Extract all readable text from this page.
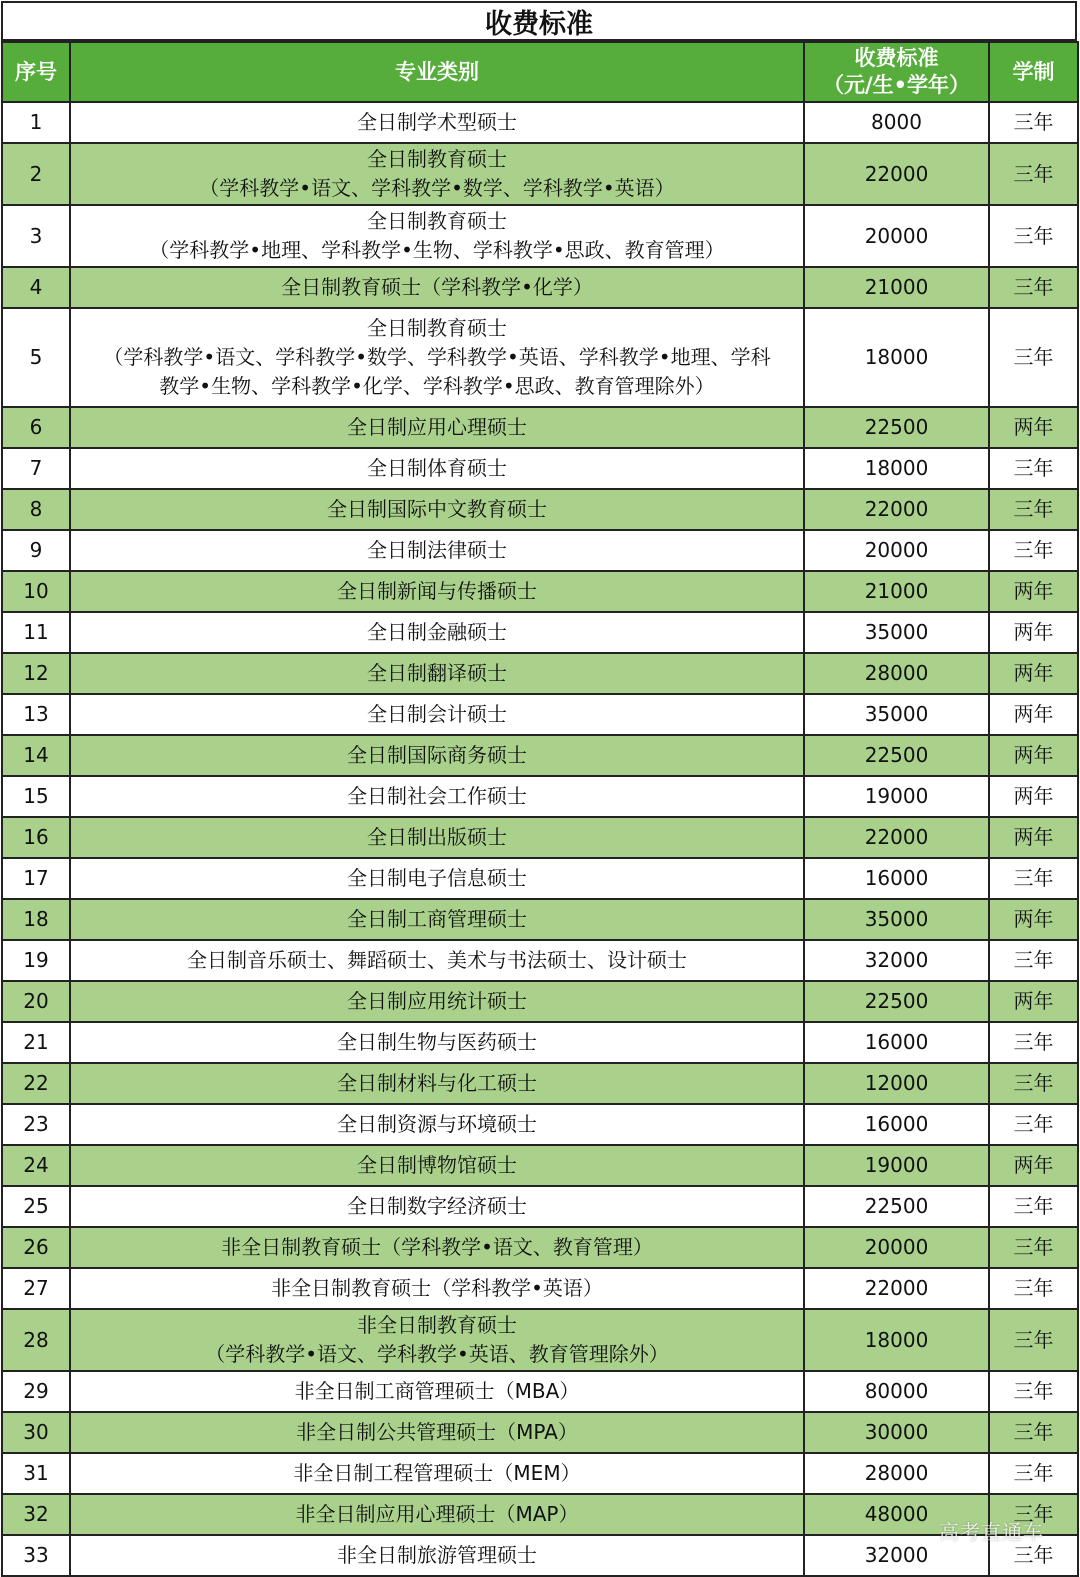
收费标准
序号	专业类别	收费标准
（元/生•学年）	学制
1	全日制学术型硕士	8000	三年
2	全日制教育硕士
（学科教学•语文、学科教学•数学、学科教学•英语）	22000	三年
3	全日制教育硕士
（学科教学•地理、学科教学•生物、学科教学•思政、教育管理）	20000	三年
4	全日制教育硕士（学科教学•化学）	21000	三年
5	全日制教育硕士
（学科教学•语文、学科教学•数学、学科教学•英语、学科教学•地理、学科
教学•生物、学科教学•化学、学科教学•思政、教育管理除外）	18000	三年
6	全日制应用心理硕士	22500	两年
7	全日制体育硕士	18000	三年
8	全日制国际中文教育硕士	22000	三年
9	全日制法律硕士	20000	三年
10	全日制新闻与传播硕士	21000	两年
11	全日制金融硕士	35000	两年
12	全日制翻译硕士	28000	两年
13	全日制会计硕士	35000	两年
14	全日制国际商务硕士	22500	两年
15	全日制社会工作硕士	19000	两年
16	全日制出版硕士	22000	两年
17	全日制电子信息硕士	16000	三年
18	全日制工商管理硕士	35000	两年
19	全日制音乐硕士、舞蹈硕士、美术与书法硕士、设计硕士	32000	三年
20	全日制应用统计硕士	22500	两年
21	全日制生物与医药硕士	16000	三年
22	全日制材料与化工硕士	12000	三年
23	全日制资源与环境硕士	16000	三年
24	全日制博物馆硕士	19000	两年
25	全日制数字经济硕士	22500	三年
26	非全日制教育硕士（学科教学•语文、教育管理）	20000	三年
27	非全日制教育硕士（学科教学•英语）	22000	三年
28	非全日制教育硕士
（学科教学•语文、学科教学•英语、教育管理除外）	18000	三年
29	非全日制工商管理硕士（MBA）	80000	三年
30	非全日制公共管理硕士（MPA）	30000	三年
31	非全日制工程管理硕士（MEM）	28000	三年
32	非全日制应用心理硕士（MAP）	48000	三年
33	非全日制旅游管理硕士	32000	三年
高考直通车
